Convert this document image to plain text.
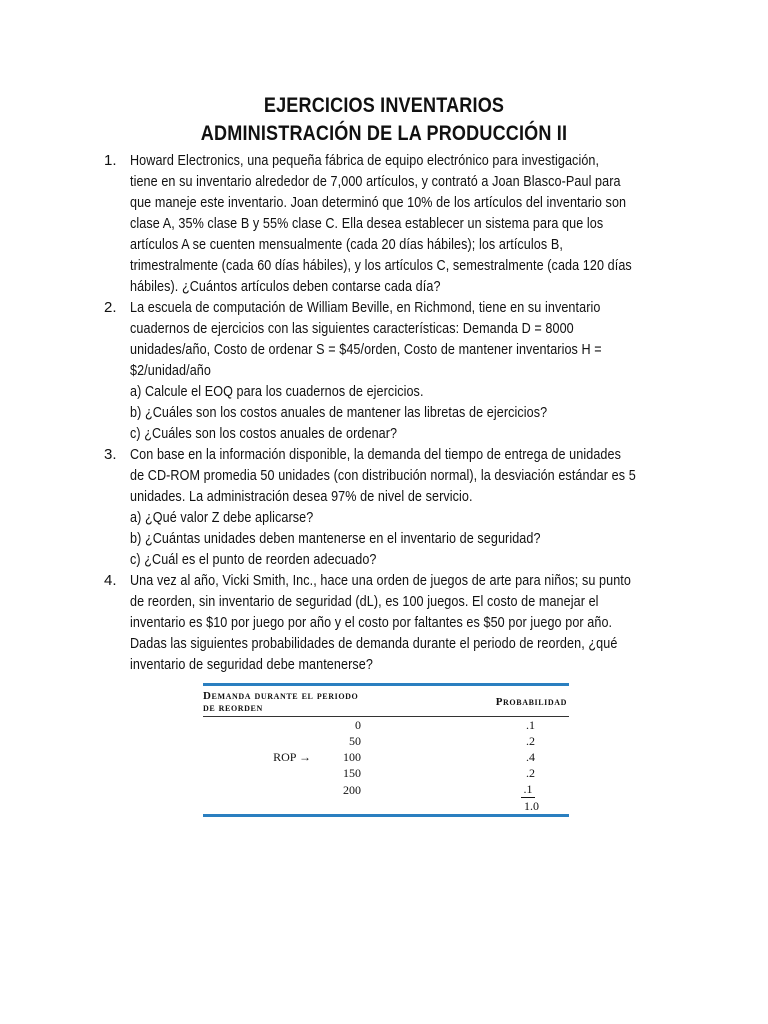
EJERCICIOS INVENTARIOS
ADMINISTRACIÓN DE LA PRODUCCIÓN II
1. Howard Electronics, una pequeña fábrica de equipo electrónico para investigación,
tiene en su inventario alrededor de 7,000 artículos, y contrató a Joan Blasco-Paul para
que maneje este inventario. Joan determinó que 10% de los artículos del inventario son
clase A, 35% clase B y 55% clase C. Ella desea establecer un sistema para que los
artículos A se cuenten mensualmente (cada 20 días hábiles); los artículos B,
trimestralmente (cada 60 días hábiles), y los artículos C, semestralmente (cada 120 días
hábiles). ¿Cuántos artículos deben contarse cada día?
2. La escuela de computación de William Beville, en Richmond, tiene en su inventario
cuadernos de ejercicios con las siguientes características: Demanda D = 8000
unidades/año, Costo de ordenar S = $45/orden, Costo de mantener inventarios H =
$2/unidad/año
a) Calcule el EOQ para los cuadernos de ejercicios.
b) ¿Cuáles son los costos anuales de mantener las libretas de ejercicios?
c) ¿Cuáles son los costos anuales de ordenar?
3. Con base en la información disponible, la demanda del tiempo de entrega de unidades
de CD-ROM promedia 50 unidades (con distribución normal), la desviación estándar es 5
unidades. La administración desea 97% de nivel de servicio.
a) ¿Qué valor Z debe aplicarse?
b) ¿Cuántas unidades deben mantenerse en el inventario de seguridad?
c) ¿Cuál es el punto de reorden adecuado?
4. Una vez al año, Vicki Smith, Inc., hace una orden de juegos de arte para niños; su punto
de reorden, sin inventario de seguridad (dL), es 100 juegos. El costo de manejar el
inventario es $10 por juego por año y el costo por faltantes es $50 por juego por año.
Dadas las siguientes probabilidades de demanda durante el periodo de reorden, ¿qué
inventario de seguridad debe mantenerse?
Demanda durante el periodo de reorden		Probabilidad
	0	.1
	50	.2
ROP →	100	.4
	150	.2
	200	.1
		1.0
